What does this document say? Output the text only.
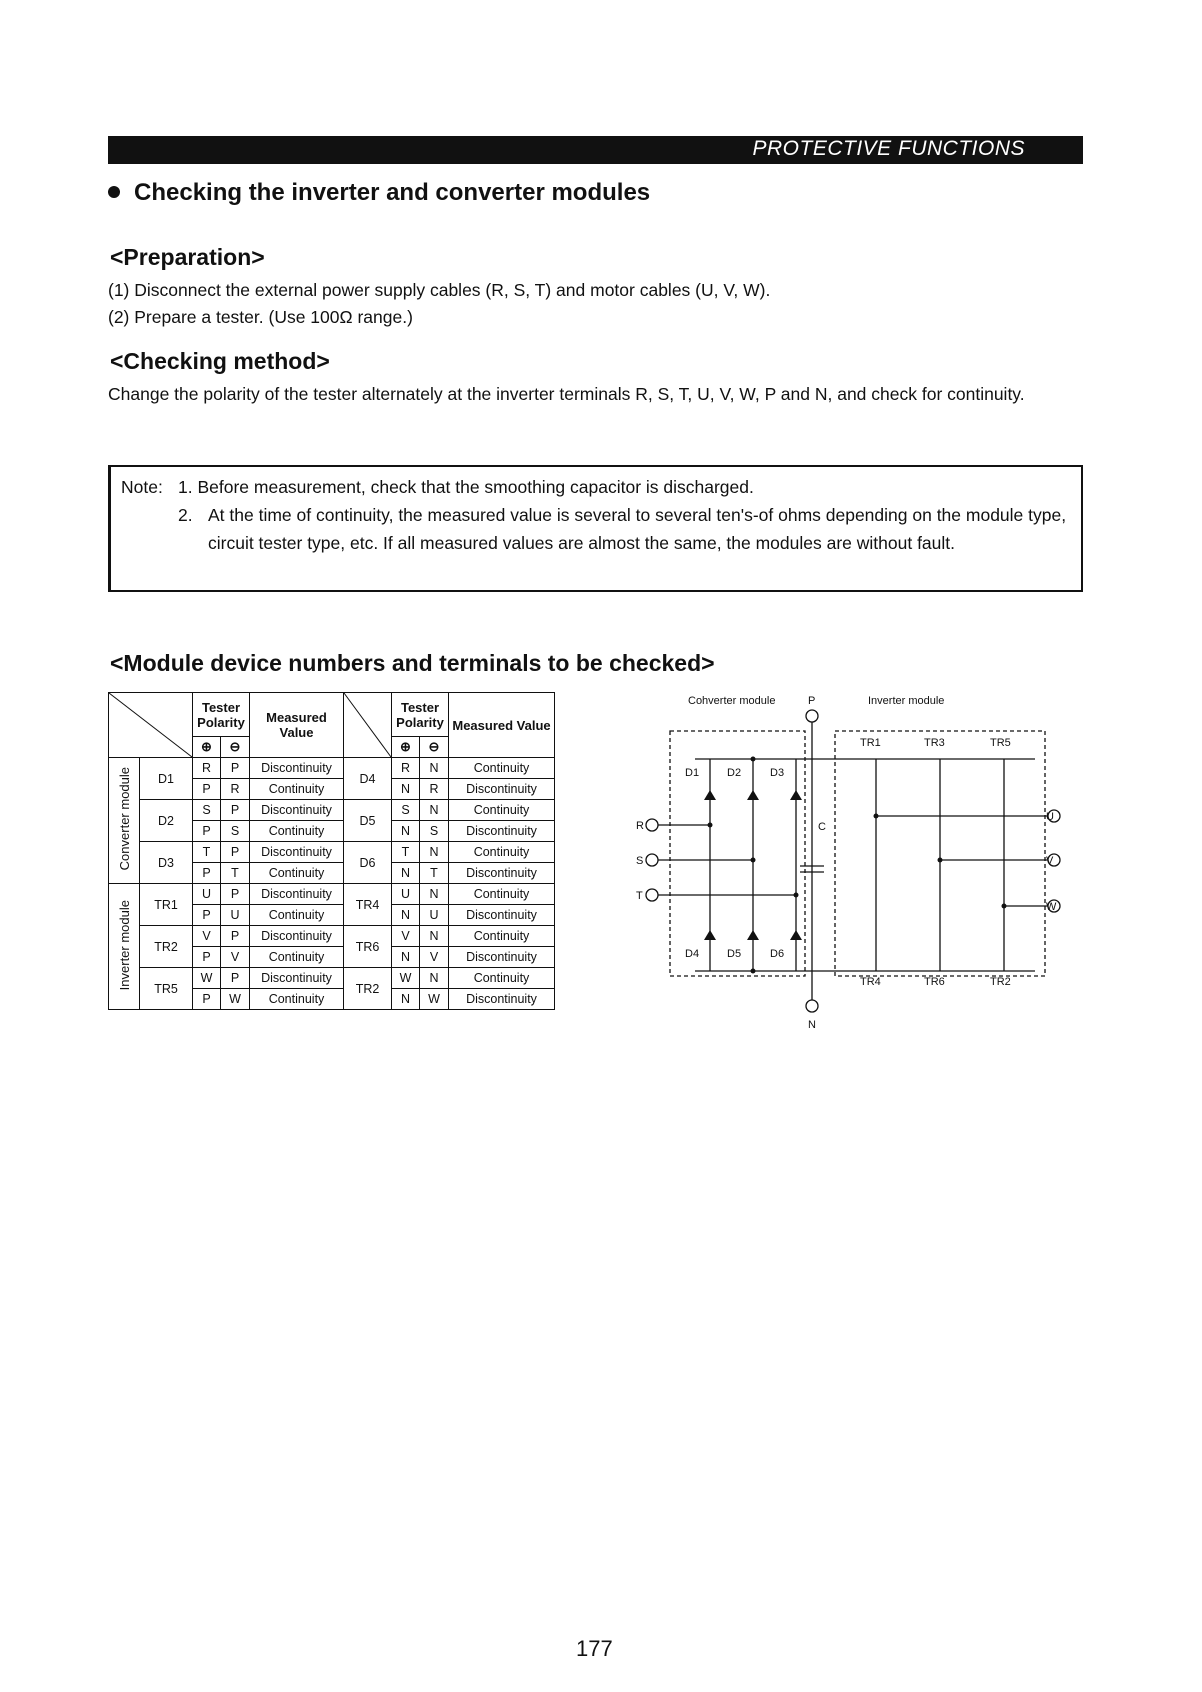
PROTECTIVE FUNCTIONS
Checking the inverter and converter modules
<Preparation>
(1) Disconnect the external power supply cables (R, S, T) and motor cables (U, V, W).
(2) Prepare a tester. (Use 100Ω range.)
<Checking method>
Change the polarity of the tester alternately at the inverter terminals R, S, T, U, V, W, P and N, and check for continuity.
Note: 1. Before measurement, check that the smoothing capacitor is discharged.
2. At the time of continuity, the measured value is several to several ten's-of ohms depending on the module type, circuit tester type, etc. If all measured values are almost the same, the modules are without fault.
<Module device numbers and terminals to be checked>
	Tester Polarity		Measured Value		Tester Polarity		Measured Value

		⊕	⊖			⊕	⊖	
Converter module	D1	R	P	Discontinuity	D4	R	N	Continuity
		P	R	Continuity		N	R	Discontinuity
	D2	S	P	Discontinuity	D5	S	N	Continuity
		P	S	Continuity		N	S	Discontinuity
	D3	T	P	Discontinuity	D6	T	N	Continuity
		P	T	Continuity		N	T	Discontinuity
Inverter module	TR1	U	P	Discontinuity	TR4	U	N	Continuity
		P	U	Continuity		N	U	Discontinuity
	TR2	V	P	Discontinuity	TR6	V	N	Continuity
		P	V	Continuity		N	V	Discontinuity
	TR5	W	P	Discontinuity	TR2	W	N	Continuity
		P	W	Continuity		N	W	Discontinuity
Cohverter module	P	Inverter module
N
C
R
S
T
U
V
W
D1	D2	D3
D4	D5	D6
TR1	TR3	TR5
TR4	TR6	TR2
177
